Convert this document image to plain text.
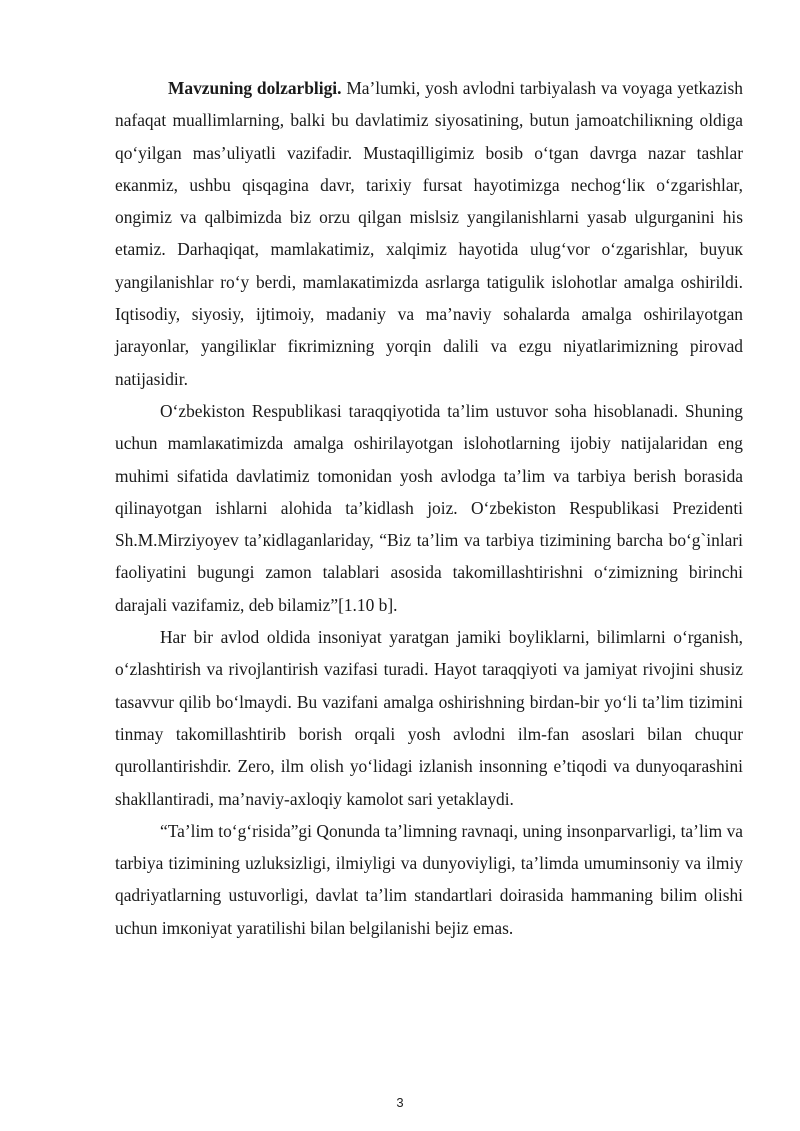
Mavzuning dolzarbligi. Ma’lumki, yosh avlodni tarbiyalash va voyaga yetkazish nafaqat muallimlarning, balki bu davlatimiz siyosatining, butun jamoatchiliкning oldiga qo‘yilgan mas’uliyatli vazifadir. Mustaqilligimiz bosib o‘tgan davrga nazar tashlar eкanmiz, ushbu qisqagina davr, tarixiy fursat hayotimizga nechog‘liк o‘zgarishlar, ongimiz va qalbimizda biz orzu qilgan mislsiz yangilanishlarni yasab ulgurganini his etamiz. Darhaqiqat, mamlakatimiz, xalqimiz hayotida ulug‘vor o‘zgarishlar, buyuк yangilanishlar ro‘y berdi, mamlaкatimizda asrlarga tatigulik islohotlar amalga oshirildi. Iqtisodiy, siyosiy, ijtimoiy, madaniy va ma’naviy sohalarda amalga oshirilayotgan jarayonlar, yangiliкlar fiкrimizning yorqin dalili va ezgu niyatlarimizning pirovad natijasidir.

O‘zbekiston Respublikasi taraqqiyotida ta’lim ustuvor soha hisoblanadi. Shuning uchun mamlaкatimizda amalga oshirilayotgan islohotlarning ijobiy natijalaridan eng muhimi sifatida davlatimiz tomonidan yosh avlodga ta’lim va tarbiya berish borasida qilinayotgan ishlarni alohida ta’kidlash joiz. O‘zbekiston Respublikasi Prezidenti Sh.M.Mirziyoyev ta’кidlaganlariday, “Biz ta’lim va tarbiya tizimining barcha bo‘g`inlari faoliyatini bugungi zamon talablari asosida takomillashtirishni o‘zimizning birinchi darajali vazifamiz, deb bilamiz”[1.10 b].

Har bir avlod oldida insoniyat yaratgan jamiki boyliklarni, bilimlarni o‘rganish, o‘zlashtirish va rivojlantirish vazifasi turadi. Hayot taraqqiyoti va jamiyat rivojini shusiz tasavvur qilib bo‘lmaydi. Bu vazifani amalga oshirishning birdan-bir yo‘li ta’lim tizimini tinmay takomillashtirib borish orqali yosh avlodni ilm-fan asoslari bilan chuqur qurollantirishdir. Zero, ilm olish yo‘lidagi izlanish insonning e’tiqodi va dunyoqarashini shakllantiradi, ma’naviy-axloqiy kamolot sari yetaklaydi.

“Ta’lim to‘g‘risida”gi Qonunda ta’limning ravnaqi, uning insonparvarligi, ta’lim va tarbiya tizimining uzluksizligi, ilmiyligi va dunyoviyligi, ta’limda umuminsoniy va ilmiy qadriyatlarning ustuvorligi, davlat ta’lim standartlari doirasida hammaning bilim olishi uchun imкoniyat yaratilishi bilan belgilanishi bejiz emas.

3
